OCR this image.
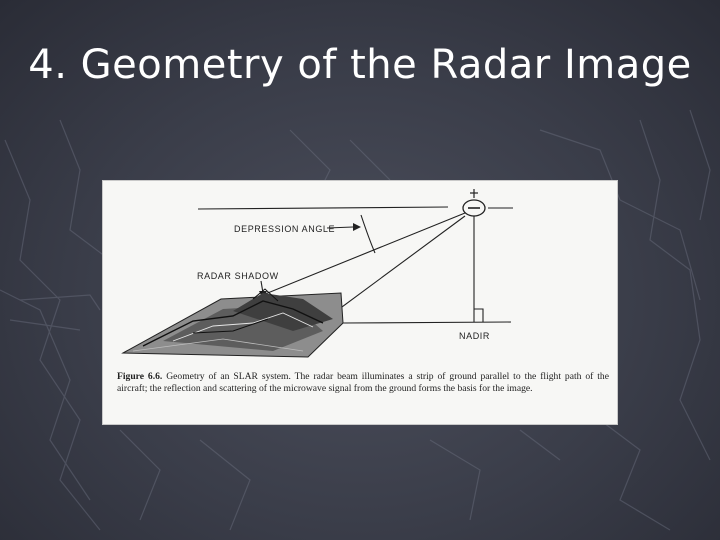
4. Geometry of the Radar Image
DEPRESSION ANGLE
RADAR SHADOW
NADIR
Figure 6.6. Geometry of an SLAR system. The radar beam illuminates a strip of ground parallel to the flight path of the aircraft; the reflection and scattering of the microwave signal from the ground forms the basis for the image.
